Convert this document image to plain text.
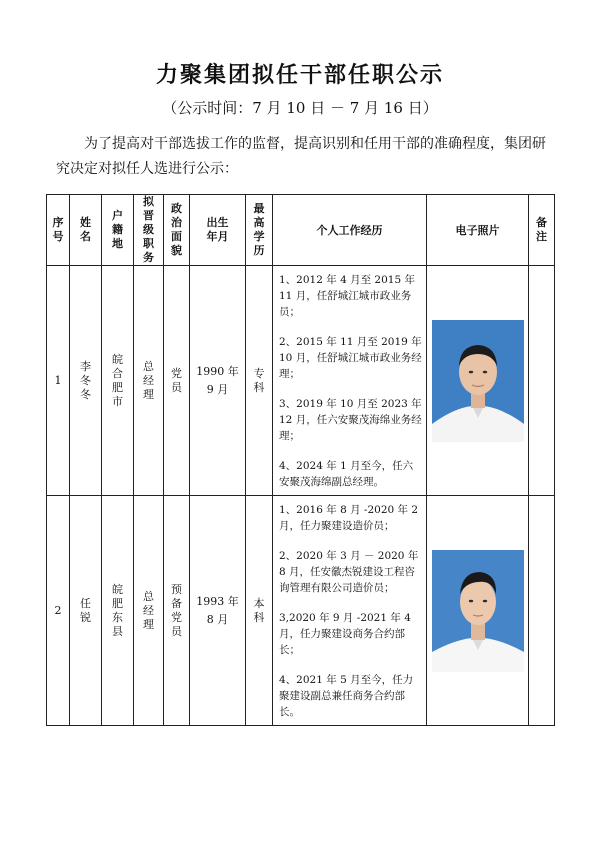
力聚集团拟任干部任职公示
（公示时间：7 月 10 日 － 7 月 16 日）

为了提高对干部选拔工作的监督，提高识别和任用干部的准确程度，集团研究决定对拟任人选进行公示：

序号	姓名	户籍地	拟晋级职务	政治面貌	出生年月	最高学历	个人工作经历	电子照片	备注
1	李冬冬	皖合肥市	总经理	党员	1990 年 9 月	专科	1、2012 年 4 月至 2015 年 11 月，任舒城江城市政业务员；

2、2015 年 11 月至 2019 年 10 月，任舒城江城市政业务经理；

3、2019 年 10 月至 2023 年 12 月，任六安聚茂海绵业务经理；

4、2024 年 1 月至今，任六安聚茂海绵副总经理。

2	任锐	皖肥东县	总经理	预备党员	1993 年 8 月	本科	1、2016 年 8 月 -2020 年 2 月，任力聚建设造价员；

2、2020 年 3 月 － 2020 年 8 月，任安徽杰锐建设工程咨询管理有限公司造价员；

3,2020 年 9 月 -2021 年 4 月，任力聚建设商务合约部长；

4、2021 年 5 月至今，任力聚建设副总兼任商务合约部长。
